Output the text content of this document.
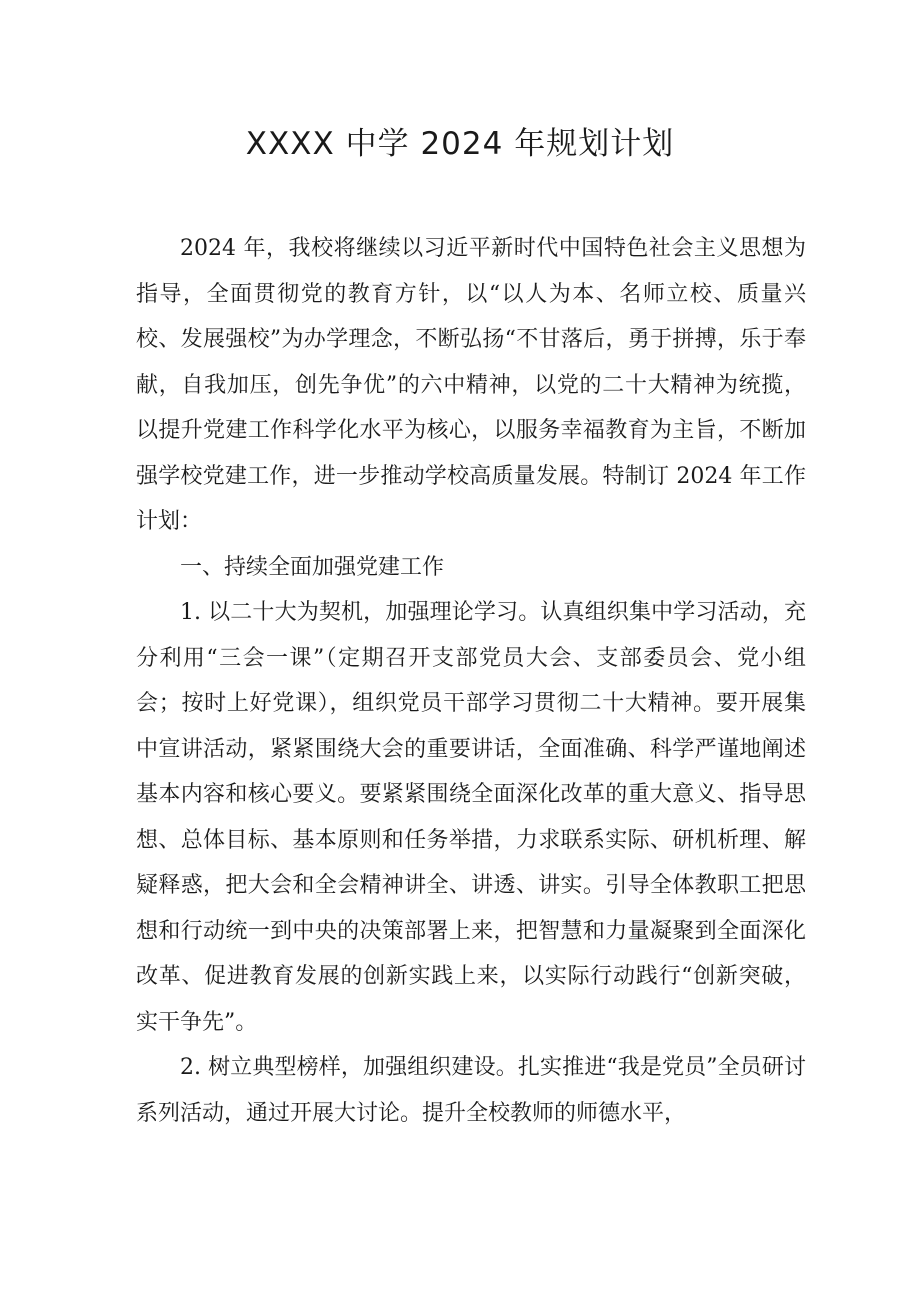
XXXX 中学 2024 年规划计划

2024 年，我校将继续以习近平新时代中国特色社会主义思想为指导，全面贯彻党的教育方针，以“以人为本、名师立校、质量兴校、发展强校”为办学理念，不断弘扬“不甘落后，勇于拼搏，乐于奉献，自我加压，创先争优”的六中精神，以党的二十大精神为统揽，以提升党建工作科学化水平为核心，以服务幸福教育为主旨，不断加强学校党建工作，进一步推动学校高质量发展。特制订 2024 年工作计划：

一、持续全面加强党建工作

1. 以二十大为契机，加强理论学习。认真组织集中学习活动，充分利用“三会一课”（定期召开支部党员大会、支部委员会、党小组会；按时上好党课），组织党员干部学习贯彻二十大精神。要开展集中宣讲活动，紧紧围绕大会的重要讲话，全面准确、科学严谨地阐述基本内容和核心要义。要紧紧围绕全面深化改革的重大意义、指导思想、总体目标、基本原则和任务举措，力求联系实际、研机析理、解疑释惑，把大会和全会精神讲全、讲透、讲实。引导全体教职工把思想和行动统一到中央的决策部署上来，把智慧和力量凝聚到全面深化改革、促进教育发展的创新实践上来，以实际行动践行“创新突破，实干争先”。

2. 树立典型榜样，加强组织建设。扎实推进“我是党员”全员研讨系列活动，通过开展大讨论。提升全校教师的师德水平，
